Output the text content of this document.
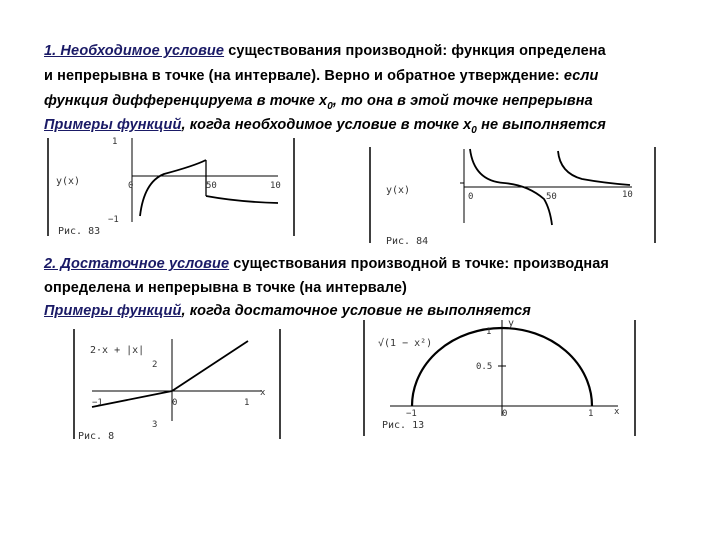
1. Необходимое условие существования производной: функция определена
и непрерывна в точке (на интервале). Верно и обратное утверждение: если
функция дифференцируема в точке $x_0$, то она в этой точке непрерывна
Примеры функций, когда необходимое условие в точке $x_0$ не выполняется
1
−1
y(x)	0	50	10
Рис. 83
y(x)
0	50	10
Рис. 84
2. Достаточное условие существования производной в точке: производная
определена и непрерывна в точке (на интервале)
Примеры функций, когда достаточное условие не выполняется
2·x + |x|
2
3
−1	0	1
x
Рис. 8
√(1 − x²)
y
1
0.5
−1	0	1 x
Рис. 13
